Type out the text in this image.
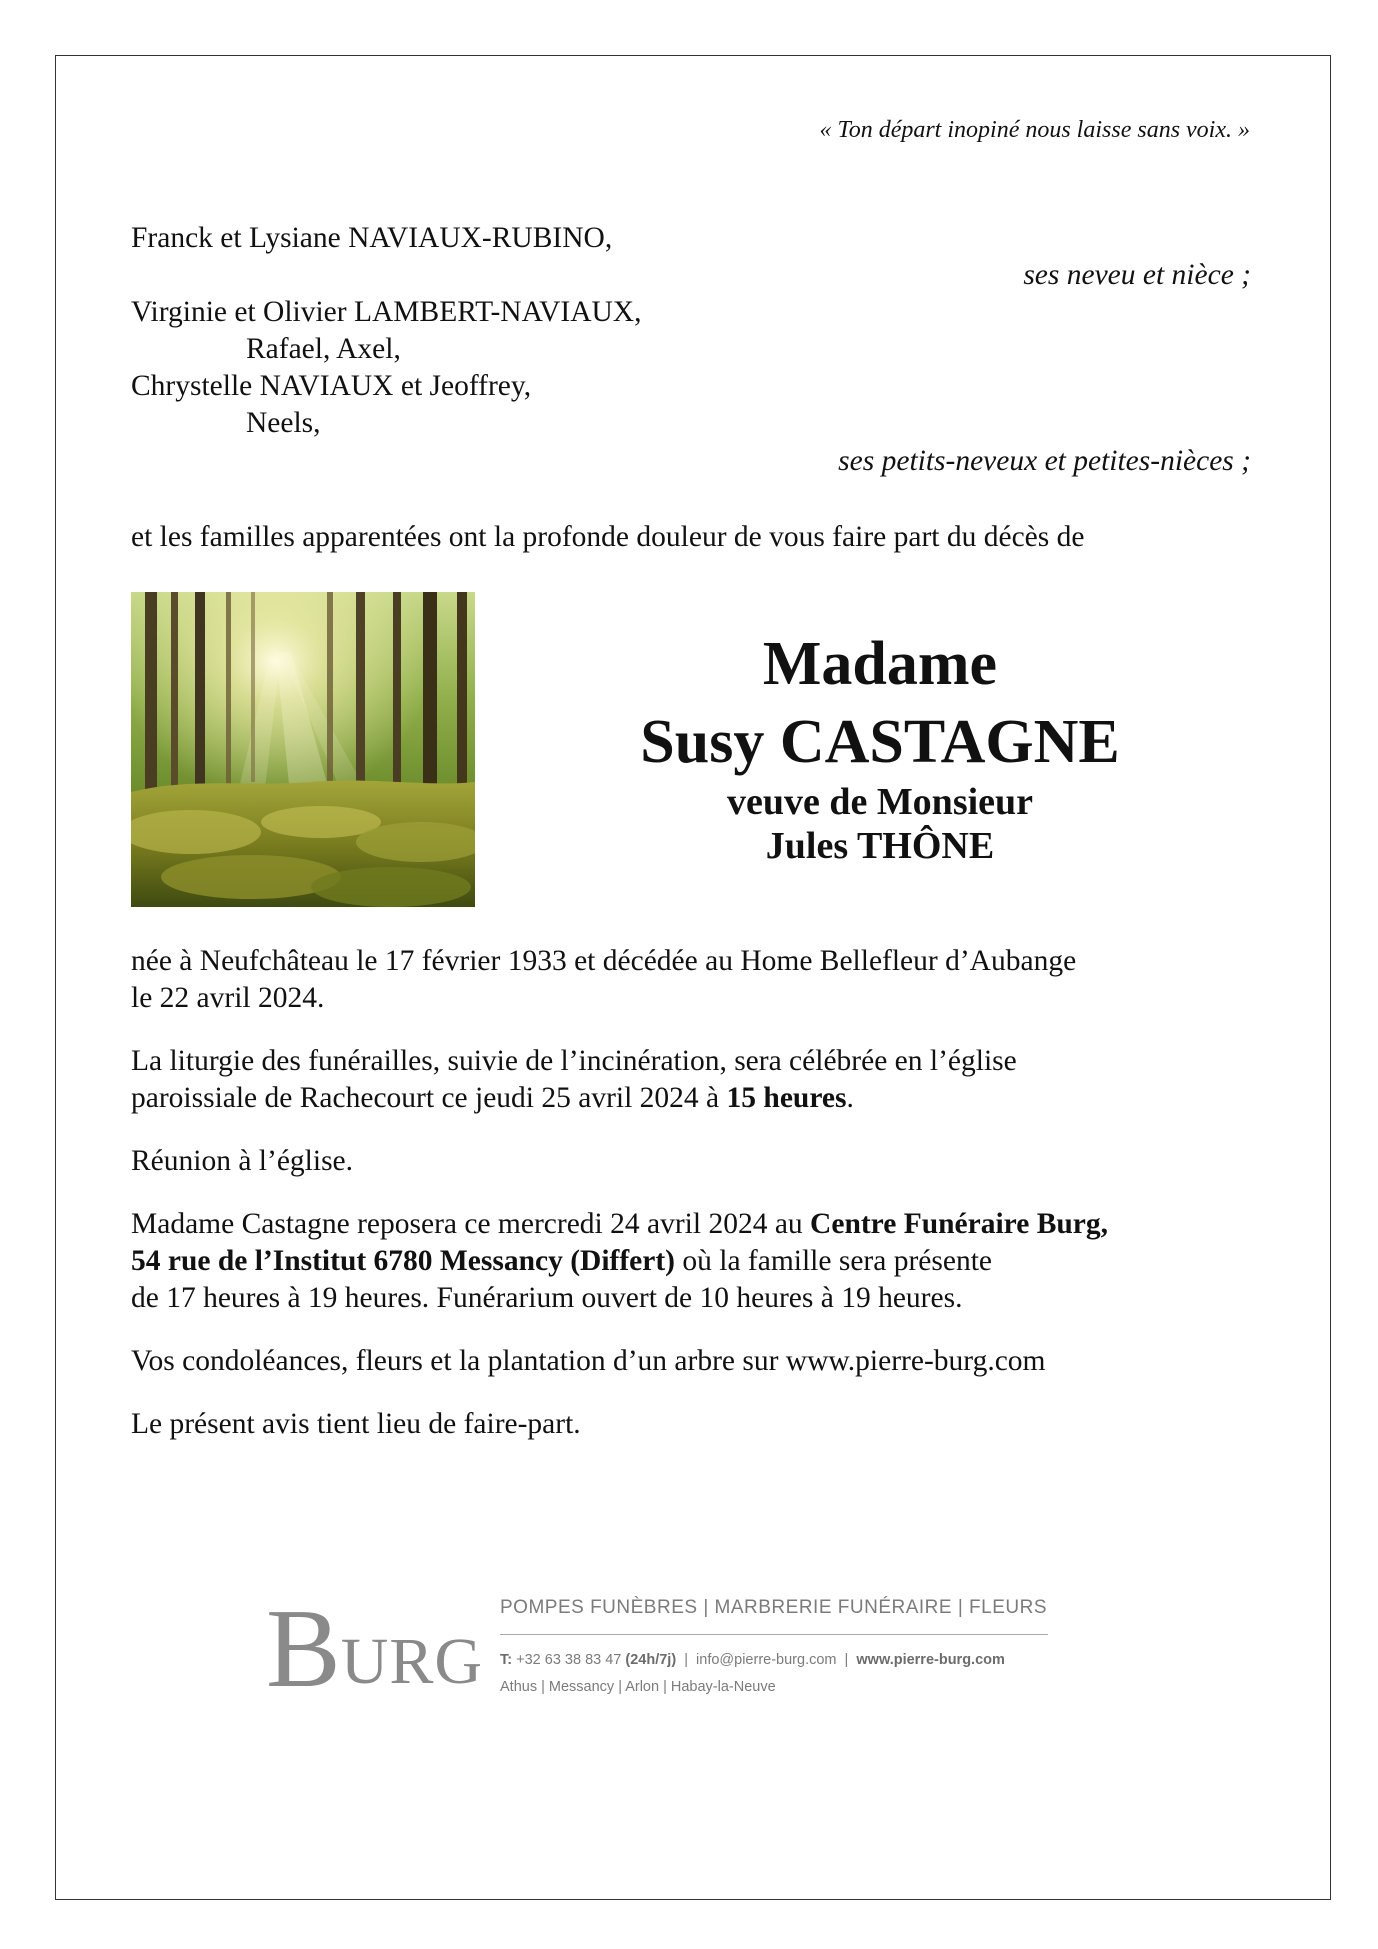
« Ton départ inopiné nous laisse sans voix. »
Franck et Lysiane NAVIAUX-RUBINO,
ses neveu et nièce ;
Virginie et Olivier LAMBERT-NAVIAUX,
Rafael, Axel,
Chrystelle NAVIAUX et Jeoffrey,
Neels,
ses petits-neveux et petites-nièces ;
et les familles apparentées ont la profonde douleur de vous faire part du décès de
Madame
Susy CASTAGNE
veuve de Monsieur
Jules THÔNE
née à Neufchâteau le 17 février 1933 et décédée au Home Bellefleur d’Aubange
le 22 avril 2024.
La liturgie des funérailles, suivie de l’incinération, sera célébrée en l’église
paroissiale de Rachecourt ce jeudi 25 avril 2024 à 15 heures.
Réunion à l’église.
Madame Castagne reposera ce mercredi 24 avril 2024 au Centre Funéraire Burg,
54 rue de l’Institut 6780 Messancy (Differt) où la famille sera présente
de 17 heures à 19 heures. Funérarium ouvert de 10 heures à 19 heures.
Vos condoléances, fleurs et la plantation d’un arbre sur www.pierre-burg.com
Le présent avis tient lieu de faire-part.
B URG
POMPES FUNÈBRES | MARBRERIE FUNÉRAIRE | FLEURS
T: +32 63 38 83 47 (24h/7j)  |  info@pierre-burg.com  |  www.pierre-burg.com
Athus | Messancy | Arlon | Habay-la-Neuve
